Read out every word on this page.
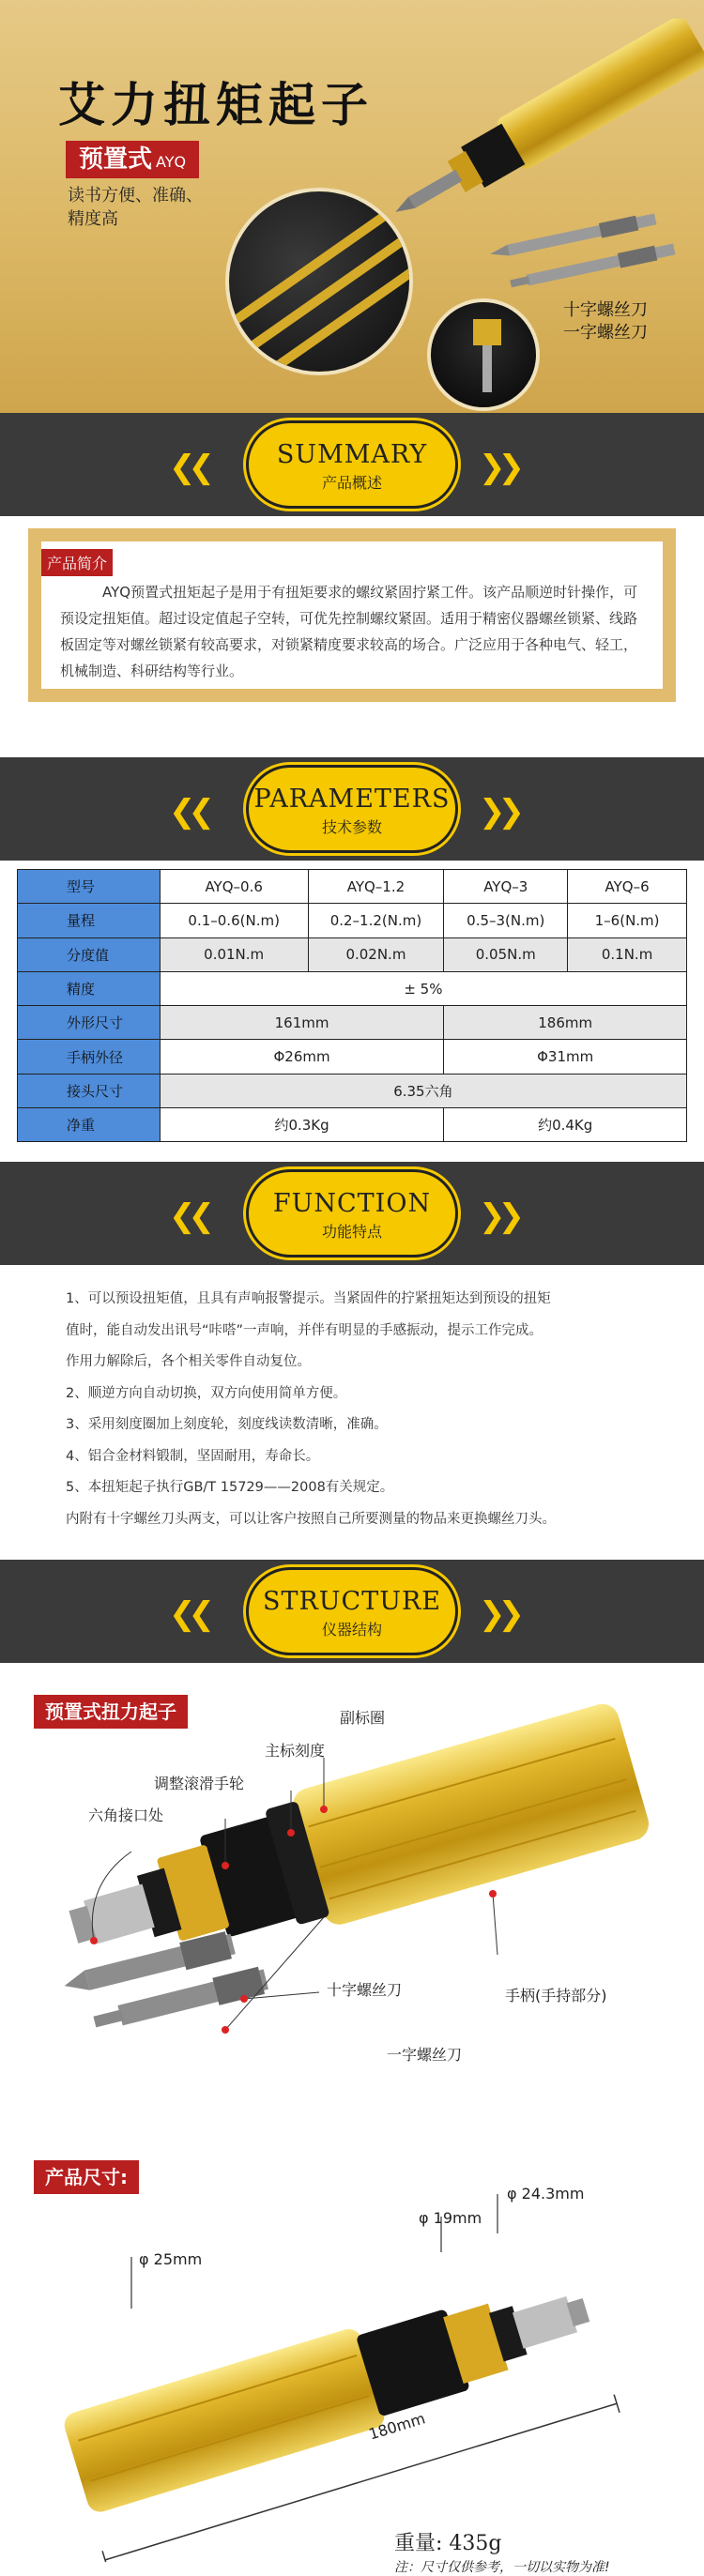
艾力扭矩起子
预置式 AYQ
读书方便、准确、
精度高
十字螺丝刀
一字螺丝刀
❮❮	SUMMARY
产品概述	❯❯
产品简介
AYQ预置式扭矩起子是用于有扭矩要求的螺纹紧固拧紧工件。该产品顺逆时针操作，可预设定扭矩值。超过设定值起子空转，可优先控制螺纹紧固。适用于精密仪器螺丝锁紧、线路板固定等对螺丝锁紧有较高要求，对锁紧精度要求较高的场合。广泛应用于各种电气、轻工，机械制造、科研结构等行业。
❮❮ PARAMETERS
技术参数	❯❯
型号	AYQ–0.6	AYQ–1.2	AYQ–3	AYQ–6
量程	0.1–0.6(N.m)	0.2–1.2(N.m)	0.5–3(N.m)	1–6(N.m)
分度值	0.01N.m	0.02N.m	0.05N.m	0.1N.m
精度	± 5%			
外形尺寸	161mm		186mm	
手柄外径	Φ26mm		Φ31mm	
接头尺寸	6.35六角			
净重	约0.3Kg		约0.4Kg	
❮❮	FUNCTION
功能特点	❯❯
1、可以预设扭矩值，且具有声响报警提示。当紧固件的拧紧扭矩达到预设的扭矩
值时，能自动发出讯号“咔嗒”一声响，并伴有明显的手感振动，提示工作完成。
作用力解除后，各个相关零件自动复位。
2、顺逆方向自动切换，双方向使用简单方便。
3、采用刻度圈加上刻度轮，刻度线读数清晰，准确。
4、铝合金材料锻制，坚固耐用，寿命长。
5、本扭矩起子执行GB/T 15729——2008有关规定。
内附有十字螺丝刀头两支，可以让客户按照自己所要测量的物品来更换螺丝刀头。
❮❮	STRUCTURE
仪器结构	❯❯
预置式扭力起子	副标圈
主标刻度
调整滚滑手轮
六角接口处
手柄(手持部分)
十字螺丝刀
一字螺丝刀
产品尺寸:
φ 24.3mm
φ 19mm
φ 25mm
180mm
重量: 435g
注：尺寸仅供参考，一切以实物为准!
